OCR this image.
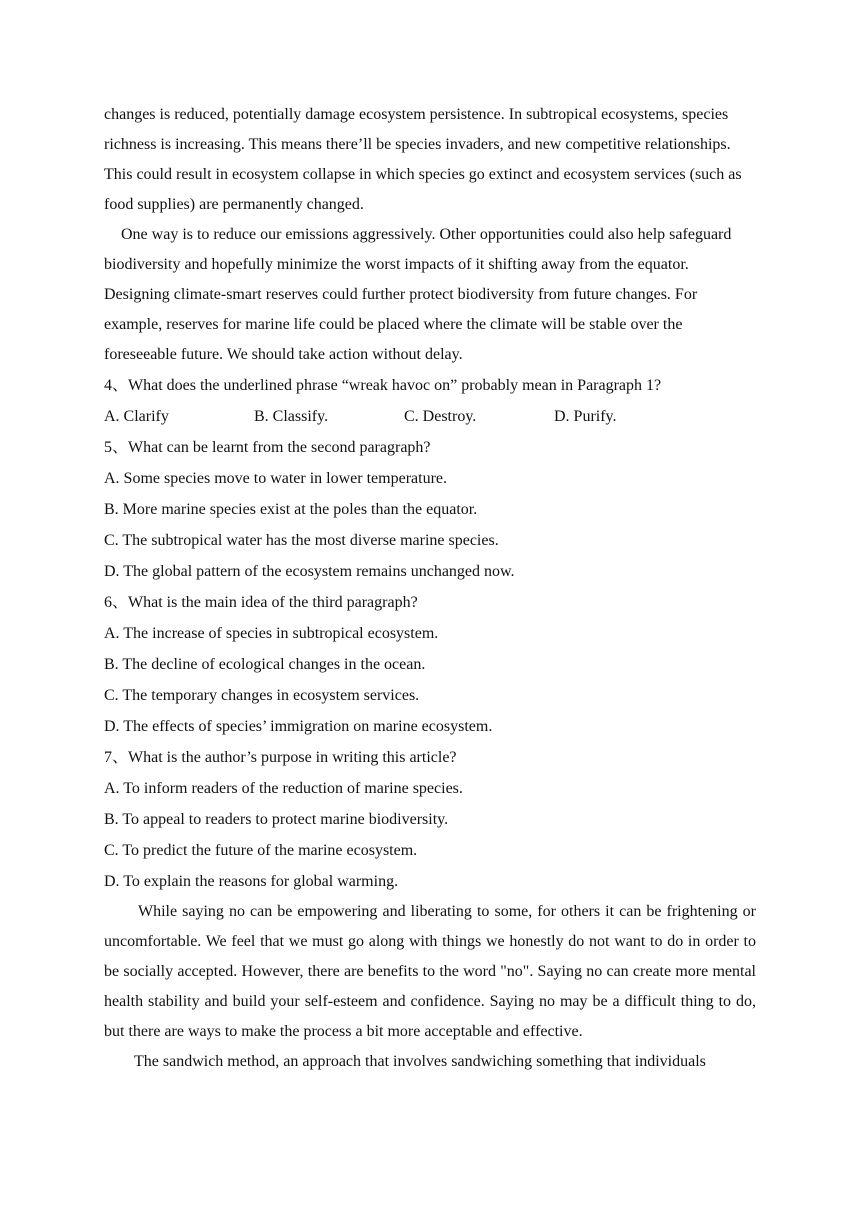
changes is reduced, potentially damage ecosystem persistence. In subtropical ecosystems, species richness is increasing. This means there’ll be species invaders, and new competitive relationships. This could result in ecosystem collapse in which species go extinct and ecosystem services (such as food supplies) are permanently changed.

One way is to reduce our emissions aggressively. Other opportunities could also help safeguard biodiversity and hopefully minimize the worst impacts of it shifting away from the equator. Designing climate-smart reserves could further protect biodiversity from future changes. For example, reserves for marine life could be placed where the climate will be stable over the foreseeable future. We should take action without delay.

4、What does the underlined phrase “wreak havoc on” probably mean in Paragraph 1?

A. Clarify	B. Classify.	C. Destroy.	D. Purify.

5、What can be learnt from the second paragraph?

A. Some species move to water in lower temperature.

B. More marine species exist at the poles than the equator.

C. The subtropical water has the most diverse marine species.

D. The global pattern of the ecosystem remains unchanged now.

6、What is the main idea of the third paragraph?

A. The increase of species in subtropical ecosystem.

B. The decline of ecological changes in the ocean.

C. The temporary changes in ecosystem services.

D. The effects of species’ immigration on marine ecosystem.

7、What is the author’s purpose in writing this article?

A. To inform readers of the reduction of marine species.

B. To appeal to readers to protect marine biodiversity.

C. To predict the future of the marine ecosystem.

D. To explain the reasons for global warming.

While saying no can be empowering and liberating to some, for others it can be frightening or uncomfortable. We feel that we must go along with things we honestly do not want to do in order to be socially accepted. However, there are benefits to the word "no". Saying no can create more mental health stability and build your self-esteem and confidence. Saying no may be a difficult thing to do, but there are ways to make the process a bit more acceptable and effective.

The sandwich method, an approach that involves sandwiching something that individuals
